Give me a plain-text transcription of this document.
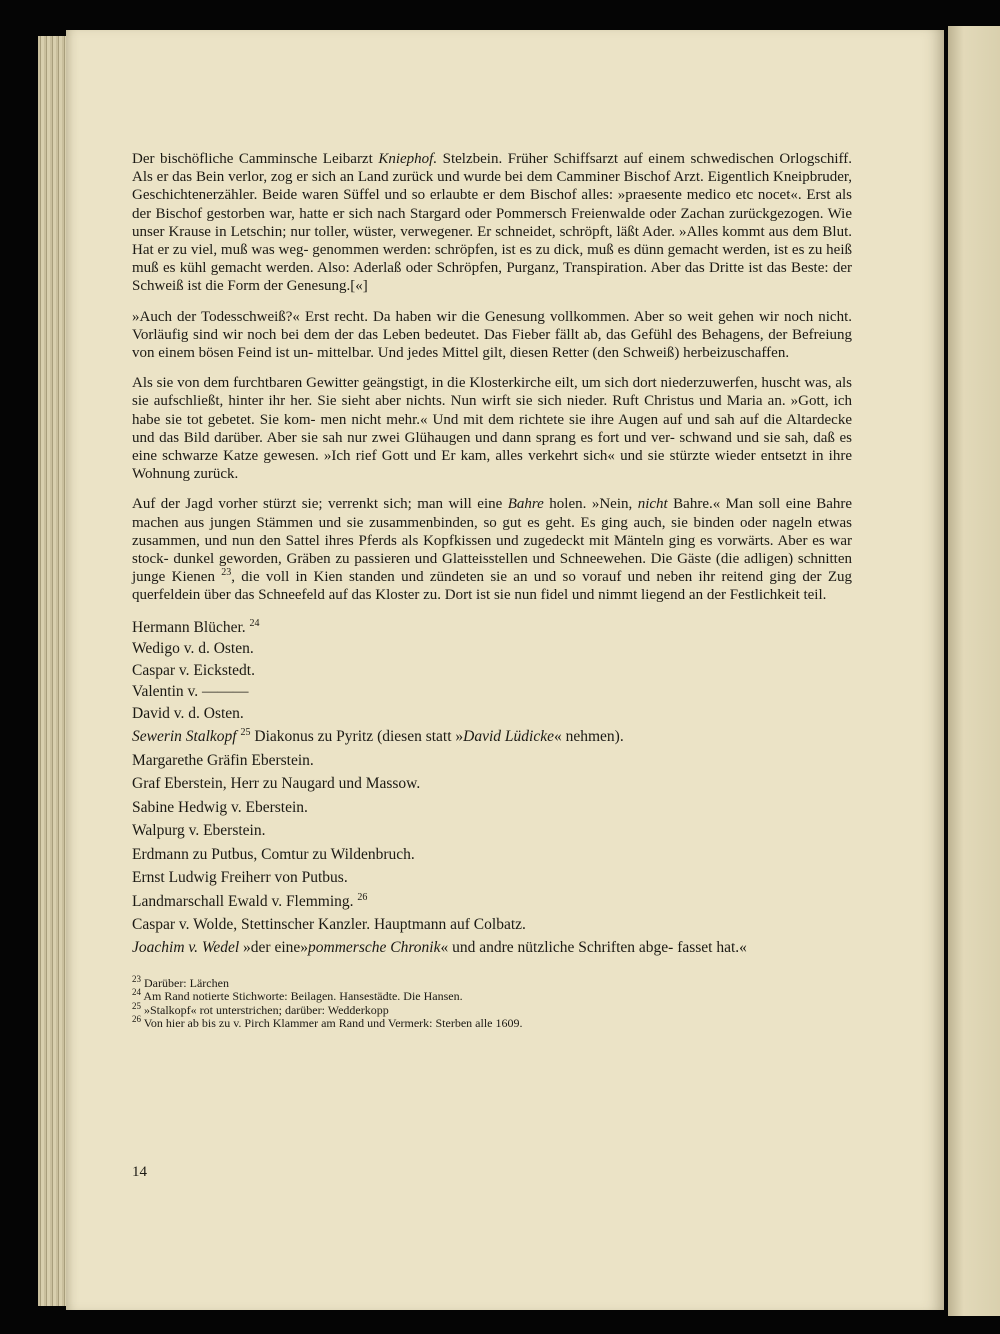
Der bischöfliche Camminsche Leibarzt Kniephof. Stelzbein. Früher Schiffsarzt auf einem schwedischen Orlogschiff. Als er das Bein verlor, zog er sich an Land zurück und wurde bei dem Camminer Bischof Arzt. Eigentlich Kneipbruder, Geschichtenerzähler. Beide waren Süffel und so erlaubte er dem Bischof alles: »praesente medico etc nocet«. Erst als der Bischof gestorben war, hatte er sich nach Stargard oder Pommersch Freienwalde oder Zachan zurückgezogen. Wie unser Krause in Letschin; nur toller, wüster, verwegener. Er schneidet, schröpft, läßt Ader. »Alles kommt aus dem Blut. Hat er zu viel, muß was weg- genommen werden: schröpfen, ist es zu dick, muß es dünn gemacht werden, ist es zu heiß muß es kühl gemacht werden. Also: Aderlaß oder Schröpfen, Purganz, Transpiration. Aber das Dritte ist das Beste: der Schweiß ist die Form der Genesung.[«]

»Auch der Todesschweiß?« Erst recht. Da haben wir die Genesung vollkommen. Aber so weit gehen wir noch nicht. Vorläufig sind wir noch bei dem der das Leben bedeutet. Das Fieber fällt ab, das Gefühl des Behagens, der Befreiung von einem bösen Feind ist un- mittelbar. Und jedes Mittel gilt, diesen Retter (den Schweiß) herbeizuschaffen.

Als sie von dem furchtbaren Gewitter geängstigt, in die Klosterkirche eilt, um sich dort niederzuwerfen, huscht was, als sie aufschließt, hinter ihr her. Sie sieht aber nichts. Nun wirft sie sich nieder. Ruft Christus und Maria an. »Gott, ich habe sie tot gebetet. Sie kom- men nicht mehr.« Und mit dem richtete sie ihre Augen auf und sah auf die Altardecke und das Bild darüber. Aber sie sah nur zwei Glühaugen und dann sprang es fort und ver- schwand und sie sah, daß es eine schwarze Katze gewesen. »Ich rief Gott und Er kam, alles verkehrt sich« und sie stürzte wieder entsetzt in ihre Wohnung zurück.

Auf der Jagd vorher stürzt sie; verrenkt sich; man will eine Bahre holen. »Nein, nicht Bahre.« Man soll eine Bahre machen aus jungen Stämmen und sie zusammenbinden, so gut es geht. Es ging auch, sie binden oder nageln etwas zusammen, und nun den Sattel ihres Pferds als Kopfkissen und zugedeckt mit Mänteln ging es vorwärts. Aber es war stock- dunkel geworden, Gräben zu passieren und Glatteisstellen und Schneewehen. Die Gäste (die adligen) schnitten junge Kienen $^{23}$, die voll in Kien standen und zündeten sie an und so vorauf und neben ihr reitend ging der Zug querfeldein über das Schneefeld auf das Kloster zu. Dort ist sie nun fidel und nimmt liegend an der Festlichkeit teil.

Hermann Blücher. $^{24}$
Wedigo v. d. Osten.
Caspar v. Eickstedt.
Valentin v. ———
David v. d. Osten.
Sewerin Stalkopf $^{25}$ Diakonus zu Pyritz (diesen statt »David Lüdicke« nehmen).
Margarethe Gräfin Eberstein.
Graf Eberstein, Herr zu Naugard und Massow.
Sabine Hedwig v. Eberstein.
Walpurg v. Eberstein.
Erdmann zu Putbus, Comtur zu Wildenbruch.
Ernst Ludwig Freiherr von Putbus.
Landmarschall Ewald v. Flemming. $^{26}$
Caspar v. Wolde, Stettinscher Kanzler. Hauptmann auf Colbatz.
Joachim v. Wedel »der eine»pommersche Chronik« und andre nützliche Schriften abge- fasset hat.«
$^{23}$ Darüber: Lärchen
$^{24}$ Am Rand notierte Stichworte: Beilagen. Hansestädte. Die Hansen.
$^{25}$ »Stalkopf« rot unterstrichen; darüber: Wedderkopp
$^{26}$ Von hier ab bis zu v. Pirch Klammer am Rand und Vermerk: Sterben alle 1609.
14
